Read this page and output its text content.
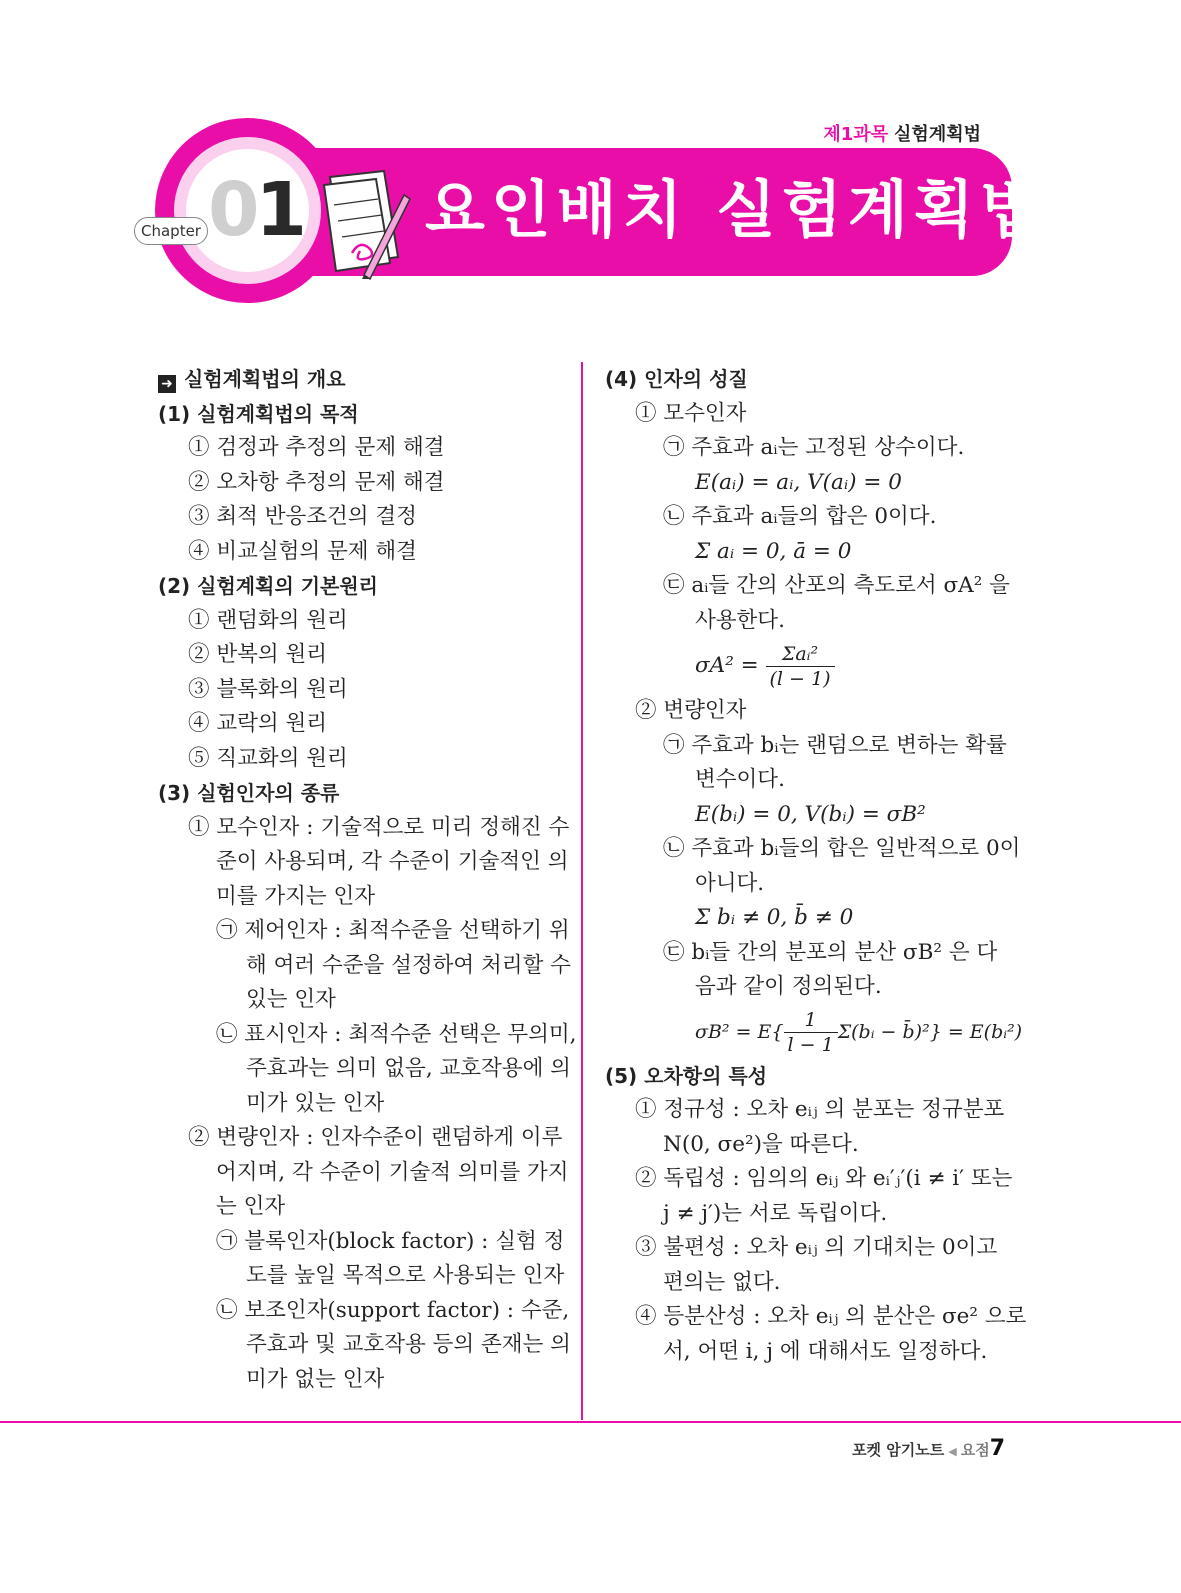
제1과목 실험계획법
01
Chapter	요인배치 실험계획법
➜ 실험계획법의 개요
(1) 실험계획법의 목적
① 검정과 추정의 문제 해결
② 오차항 추정의 문제 해결
③ 최적 반응조건의 결정
④ 비교실험의 문제 해결
(2) 실험계획의 기본원리
① 랜덤화의 원리
② 반복의 원리
③ 블록화의 원리
④ 교락의 원리
⑤ 직교화의 원리
(3) 실험인자의 종류
① 모수인자 : 기술적으로 미리 정해진 수
준이 사용되며, 각 수준이 기술적인 의
미를 가지는 인자
㉠ 제어인자 : 최적수준을 선택하기 위
해 여러 수준을 설정하여 처리할 수
있는 인자
㉡ 표시인자 : 최적수준 선택은 무의미,
주효과는 의미 없음, 교호작용에 의
미가 있는 인자
② 변량인자 : 인자수준이 랜덤하게 이루
어지며, 각 수준이 기술적 의미를 가지
는 인자
㉠ 블록인자(block factor) : 실험 정
도를 높일 목적으로 사용되는 인자
㉡ 보조인자(support factor) : 수준,
주효과 및 교호작용 등의 존재는 의
미가 없는 인자
(4) 인자의 성질
① 모수인자
㉠ 주효과 aᵢ는 고정된 상수이다.
E(aᵢ) = aᵢ, V(aᵢ) = 0
㉡ 주효과 aᵢ들의 합은 0이다.
Σ aᵢ = 0, ā = 0
㉢ aᵢ들 간의 산포의 측도로서 σA² 을
사용한다.
$\sigma A^2 = \frac{\text{Σaᵢ²}}{(l - 1)}$
② 변량인자
㉠ 주효과 bᵢ는 랜덤으로 변하는 확률
변수이다.
E(bᵢ) = 0, V(bᵢ) = σB²
㉡ 주효과 bᵢ들의 합은 일반적으로 0이
아니다.
Σ bᵢ ≠ 0, b̄ ≠ 0
㉢ bᵢ들 간의 분포의 분산 σB² 은 다
음과 같이 정의된다.
$\sigma B^2 = E\{ \frac{1}{l - 1}$ Σ(bᵢ − b̄)²} = E(bᵢ²)
(5) 오차항의 특성
① 정규성 : 오차 eᵢⱼ 의 분포는 정규분포
N(0, σe²)을 따른다.
② 독립성 : 임의의 eᵢⱼ 와 eᵢ′ⱼ′(i ≠ i′ 또는
j ≠ j′)는 서로 독립이다.
③ 불편성 : 오차 eᵢⱼ 의 기대치는 0이고
편의는 없다.
④ 등분산성 : 오차 eᵢⱼ 의 분산은 σe² 으로
서, 어떤 i, j 에 대해서도 일정하다.
포켓 암기노트 ◀ 요점7
